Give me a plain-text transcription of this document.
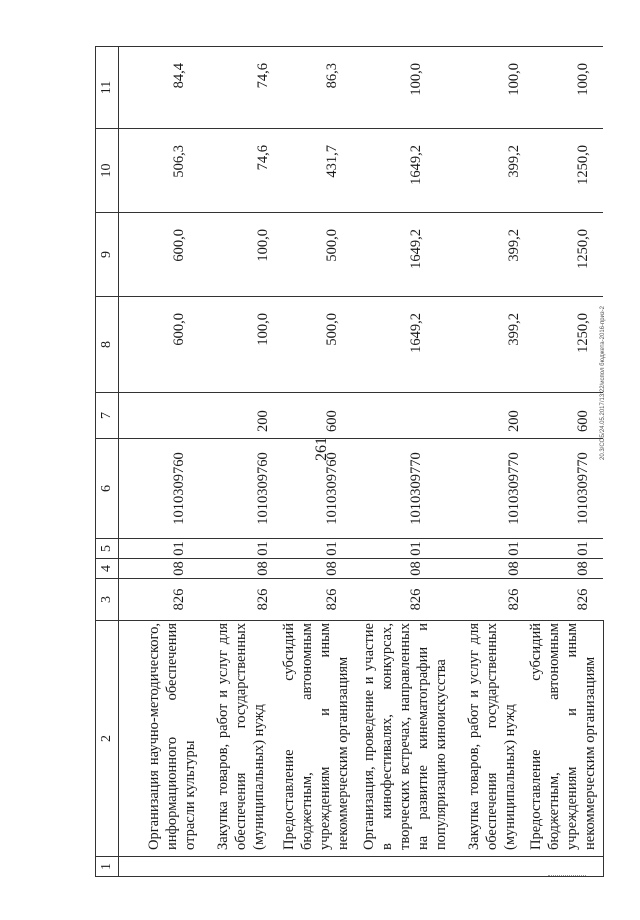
261	20.3/СОБ/24.05.2017/13:22/испол бюджета-2016-приз-2
1	2	3	4	5	6	7	8	9	10	11
	Организация научно-методического, информационного обеспечения отрасли культуры	826	08	01	1010309760		600,0	600,0	506,3	84,4
	Закупка товаров, работ и услуг для обеспечения государственных (муниципальных) нужд	826	08	01	1010309760	200	100,0	100,0	74,6	74,6
	Предоставление субсидий бюджетным, автономным учреждениям и иным некоммерческим организациям	826	08	01	1010309760	600	500,0	500,0	431,7	86,3
	Организация, проведение и участие в кинофестивалях, конкурсах, творческих встречах, направленных на развитие кинематографии и популяризацию киноискусства	826	08	01	1010309770		1649,2	1649,2	1649,2	100,0
	Закупка товаров, работ и услуг для обеспечения государственных (муниципальных) нужд	826	08	01	1010309770	200	399,2	399,2	399,2	100,0
	Предоставление субсидий бюджетным, автономным учреждениям и иным некоммерческим организациям	826	08	01	1010309770	600	1250,0	1250,0	1250,0	100,0
